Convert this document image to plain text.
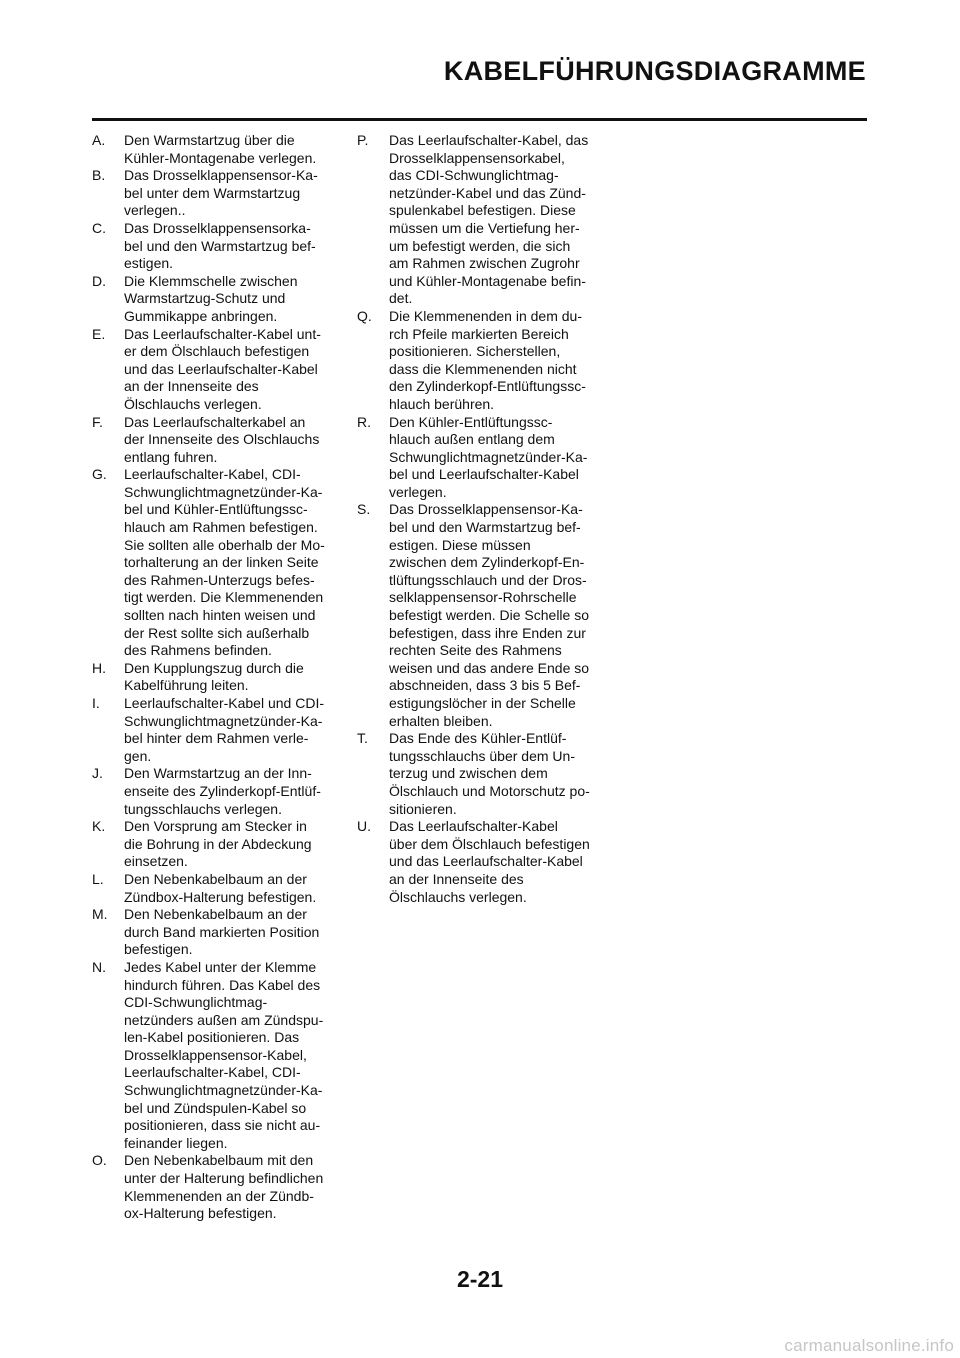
KABELFÜHRUNGSDIAGRAMME
A.	Den Warmstartzug über die
Kühler-Montagenabe verlegen.
B.	Das Drosselklappensensor-Ka-
bel unter dem Warmstartzug
verlegen..
C.	Das Drosselklappensensorka-
bel und den Warmstartzug bef-
estigen.
D.	Die Klemmschelle zwischen
Warmstartzug-Schutz und
Gummikappe anbringen.
E.	Das Leerlaufschalter-Kabel unt-
er dem Ölschlauch befestigen
und das Leerlaufschalter-Kabel
an der Innenseite des
Ölschlauchs verlegen.
F.	Das Leerlaufschalterkabel an
der Innenseite des Olschlauchs
entlang fuhren.
G.	Leerlaufschalter-Kabel, CDI-
Schwunglichtmagnetzünder-Ka-
bel und Kühler-Entlüftungssc-
hlauch am Rahmen befestigen.
Sie sollten alle oberhalb der Mo-
torhalterung an der linken Seite
des Rahmen-Unterzugs befes-
tigt werden. Die Klemmenenden
sollten nach hinten weisen und
der Rest sollte sich außerhalb
des Rahmens befinden.
H.	Den Kupplungszug durch die
Kabelführung leiten.
I.	Leerlaufschalter-Kabel und CDI-
Schwunglichtmagnetzünder-Ka-
bel hinter dem Rahmen verle-
gen.
J.	Den Warmstartzug an der Inn-
enseite des Zylinderkopf-Entlüf-
tungsschlauchs verlegen.
K.	Den Vorsprung am Stecker in
die Bohrung in der Abdeckung
einsetzen.
L.	Den Nebenkabelbaum an der
Zündbox-Halterung befestigen.
M.	Den Nebenkabelbaum an der
durch Band markierten Position
befestigen.
N.	Jedes Kabel unter der Klemme
hindurch führen. Das Kabel des
CDI-Schwunglichtmag-
netzünders außen am Zündspu-
len-Kabel positionieren. Das
Drosselklappensensor-Kabel,
Leerlaufschalter-Kabel, CDI-
Schwunglichtmagnetzünder-Ka-
bel und Zündspulen-Kabel so
positionieren, dass sie nicht au-
feinander liegen.
O.	Den Nebenkabelbaum mit den
unter der Halterung befindlichen
Klemmenenden an der Zündb-
ox-Halterung befestigen.
P.	Das Leerlaufschalter-Kabel, das
Drosselklappensensorkabel,
das CDI-Schwunglichtmag-
netzünder-Kabel und das Zünd-
spulenkabel befestigen. Diese
müssen um die Vertiefung her-
um befestigt werden, die sich
am Rahmen zwischen Zugrohr
und Kühler-Montagenabe befin-
det.
Q.	Die Klemmenenden in dem du-
rch Pfeile markierten Bereich
positionieren. Sicherstellen,
dass die Klemmenenden nicht
den Zylinderkopf-Entlüftungssc-
hlauch berühren.
R.	Den Kühler-Entlüftungssc-
hlauch außen entlang dem
Schwunglichtmagnetzünder-Ka-
bel und Leerlaufschalter-Kabel
verlegen.
S.	Das Drosselklappensensor-Ka-
bel und den Warmstartzug bef-
estigen. Diese müssen
zwischen dem Zylinderkopf-En-
tlüftungsschlauch und der Dros-
selklappensensor-Rohrschelle
befestigt werden. Die Schelle so
befestigen, dass ihre Enden zur
rechten Seite des Rahmens
weisen und das andere Ende so
abschneiden, dass 3 bis 5 Bef-
estigungslöcher in der Schelle
erhalten bleiben.
T.	Das Ende des Kühler-Entlüf-
tungsschlauchs über dem Un-
terzug und zwischen dem
Ölschlauch und Motorschutz po-
sitionieren.
U.	Das Leerlaufschalter-Kabel
über dem Ölschlauch befestigen
und das Leerlaufschalter-Kabel
an der Innenseite des
Ölschlauchs verlegen.
2-21
carmanualsonline.info
